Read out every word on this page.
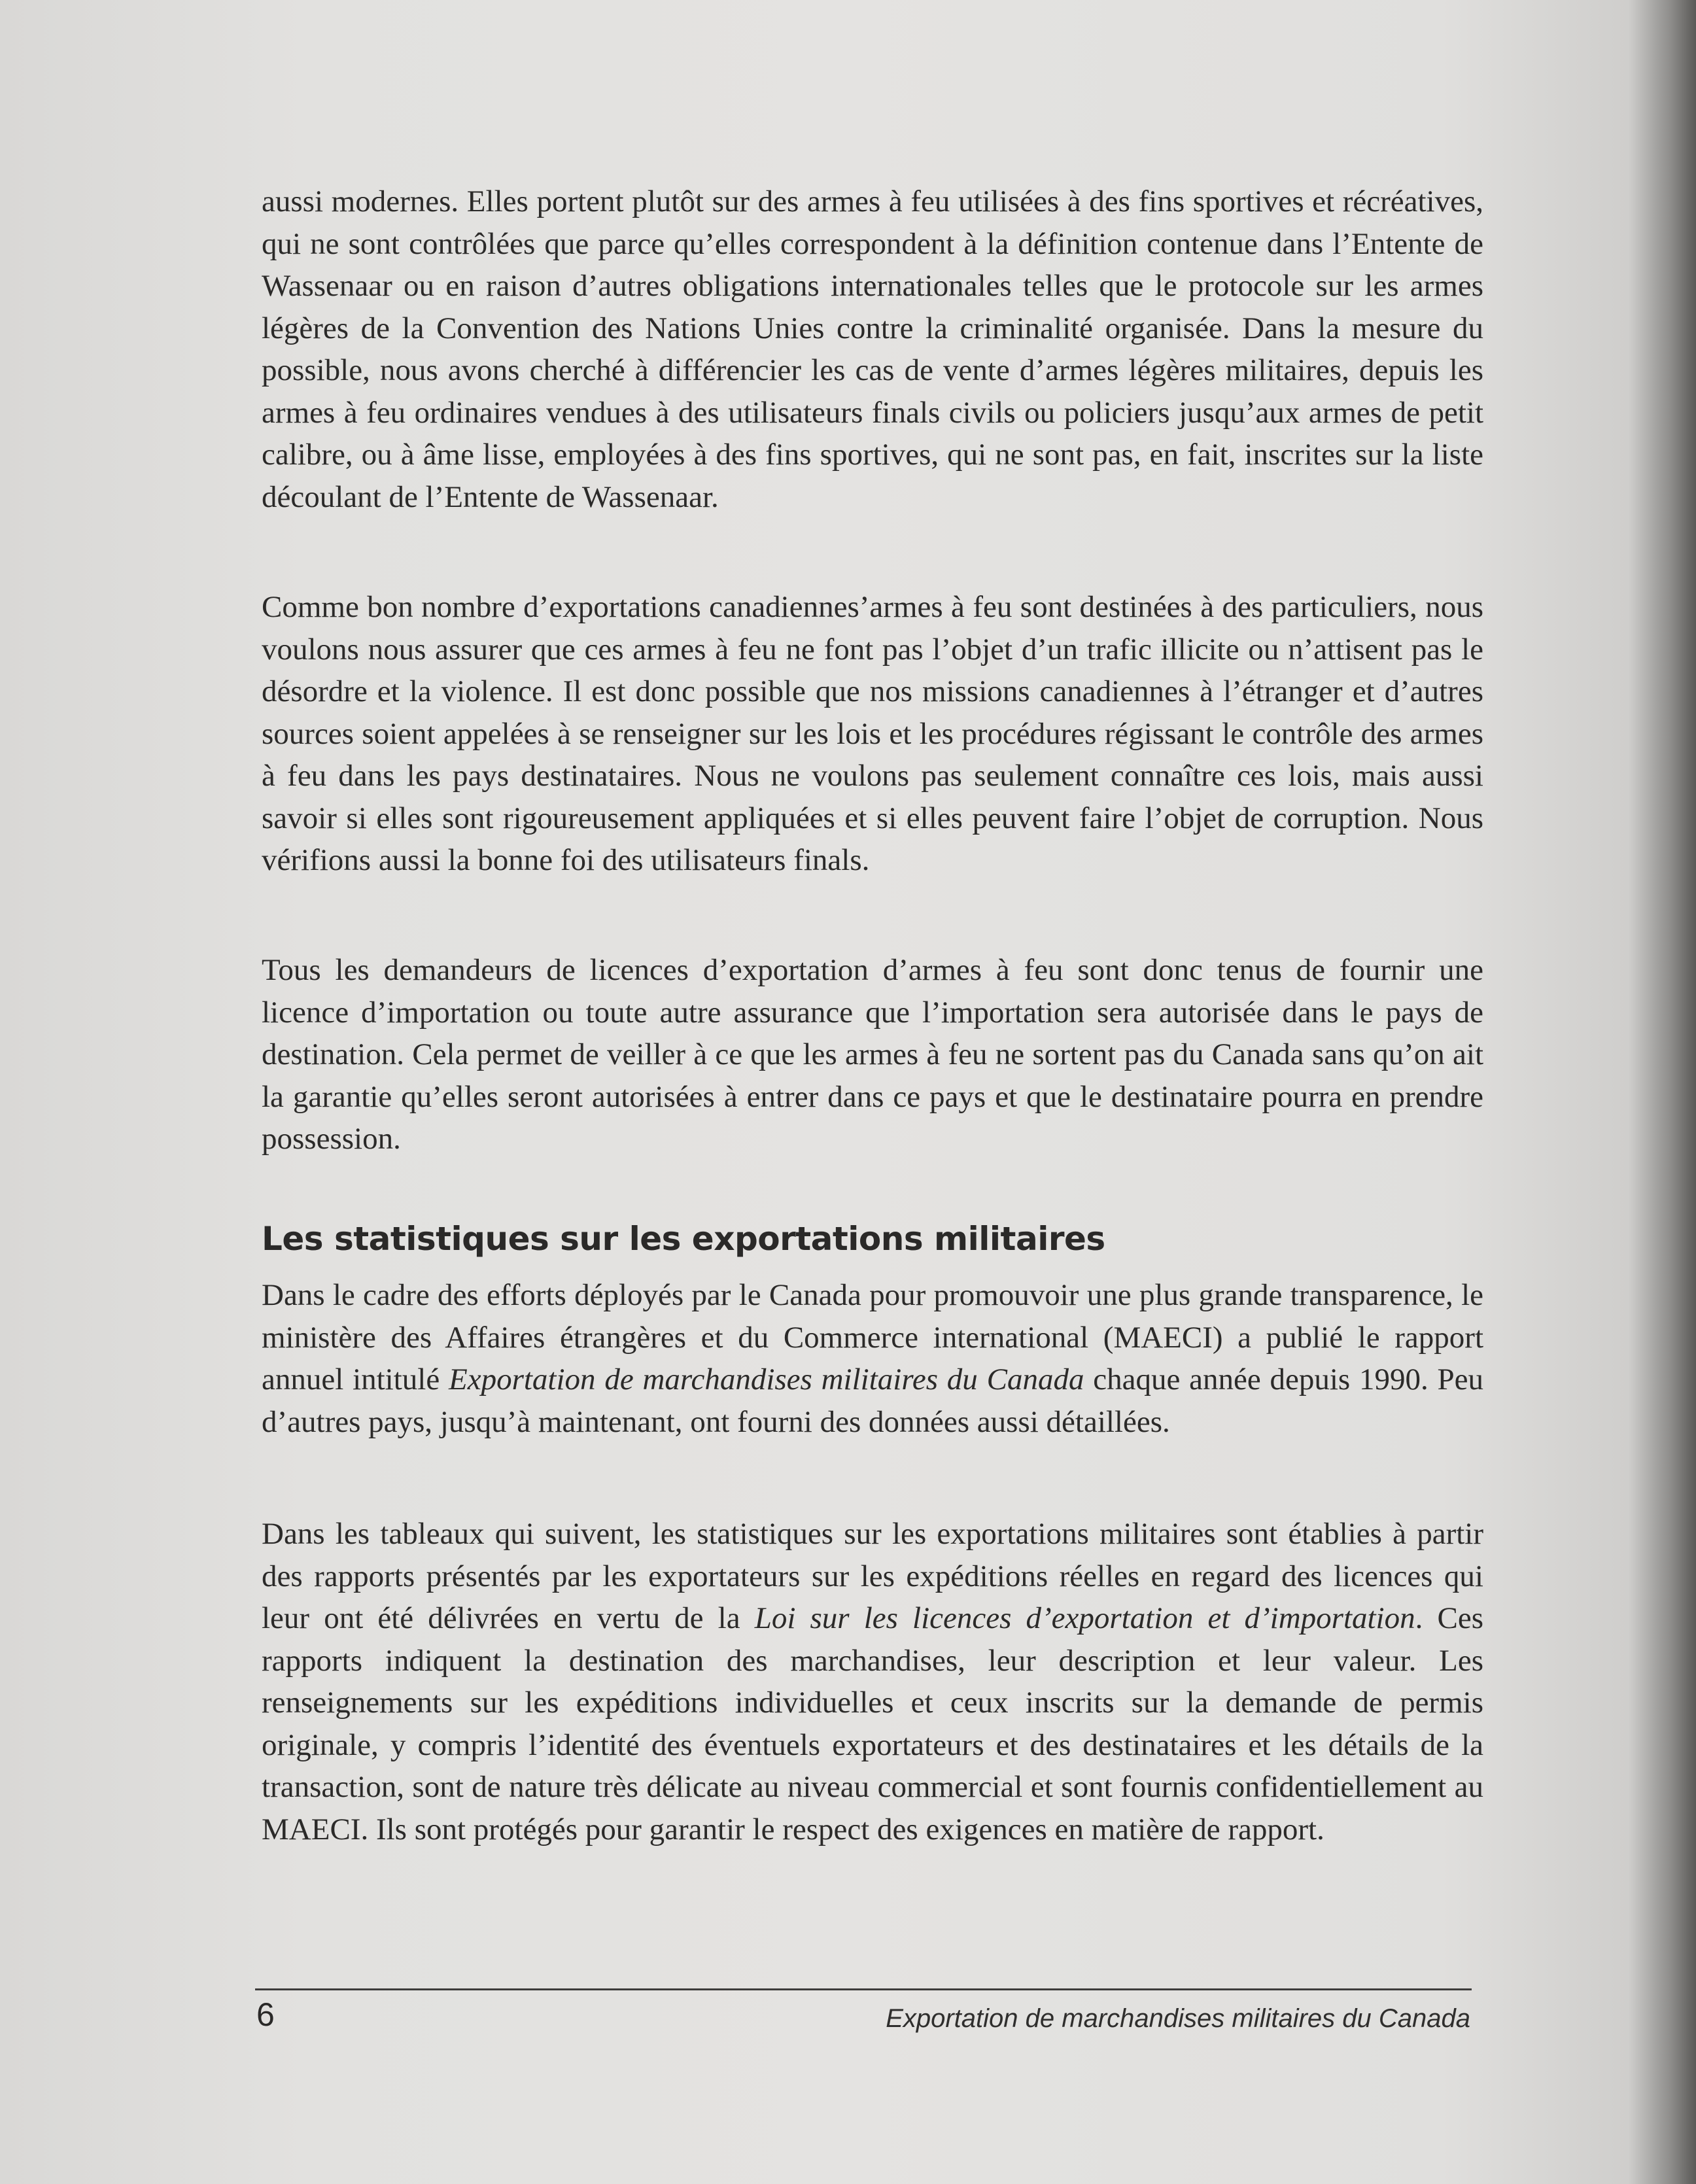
aussi modernes. Elles portent plutôt sur des armes à feu utilisées à des fins sportives et récréatives, qui ne sont contrôlées que parce qu’elles correspondent à la définition contenue dans l’Entente de Wassenaar ou en raison d’autres obligations internationales telles que le protocole sur les armes légères de la Convention des Nations Unies contre la criminalité organisée. Dans la mesure du possible, nous avons cherché à différencier les cas de vente d’armes légères militaires, depuis les armes à feu ordinaires vendues à des utilisateurs finals civils ou policiers jusqu’aux armes de petit calibre, ou à âme lisse, employées à des fins sportives, qui ne sont pas, en fait, inscrites sur la liste découlant de l’Entente de Wassenaar.

Comme bon nombre d’exportations canadiennes’armes à feu sont destinées à des particuliers, nous voulons nous assurer que ces armes à feu ne font pas l’objet d’un trafic illicite ou n’attisent pas le désordre et la violence. Il est donc possible que nos missions canadiennes à l’étranger et d’autres sources soient appelées à se renseigner sur les lois et les procédures régissant le contrôle des armes à feu dans les pays destinataires. Nous ne voulons pas seulement connaître ces lois, mais aussi savoir si elles sont rigoureusement appliquées et si elles peuvent faire l’objet de corruption. Nous vérifions aussi la bonne foi des utilisateurs finals.

Tous les demandeurs de licences d’exportation d’armes à feu sont donc tenus de fournir une licence d’importation ou toute autre assurance que l’importation sera autorisée dans le pays de destination. Cela permet de veiller à ce que les armes à feu ne sortent pas du Canada sans qu’on ait la garantie qu’elles seront autorisées à entrer dans ce pays et que le destinataire pourra en prendre possession.

Les statistiques sur les exportations militaires

Dans le cadre des efforts déployés par le Canada pour promouvoir une plus grande transparence, le ministère des Affaires étrangères et du Commerce international (MAECI) a publié le rapport annuel intitulé Exportation de marchandises militaires du Canada chaque année depuis 1990. Peu d’autres pays, jusqu’à maintenant, ont fourni des données aussi détaillées.

Dans les tableaux qui suivent, les statistiques sur les exportations militaires sont établies à partir des rapports présentés par les exportateurs sur les expéditions réelles en regard des licences qui leur ont été délivrées en vertu de la Loi sur les licences d’exportation et d’importation. Ces rapports indiquent la destination des marchandises, leur description et leur valeur. Les renseignements sur les expéditions individuelles et ceux inscrits sur la demande de permis originale, y compris l’identité des éventuels exportateurs et des destinataires et les détails de la transaction, sont de nature très délicate au niveau commercial et sont fournis confidentiellement au MAECI. Ils sont protégés pour garantir le respect des exigences en matière de rapport.

6	Exportation de marchandises militaires du Canada
